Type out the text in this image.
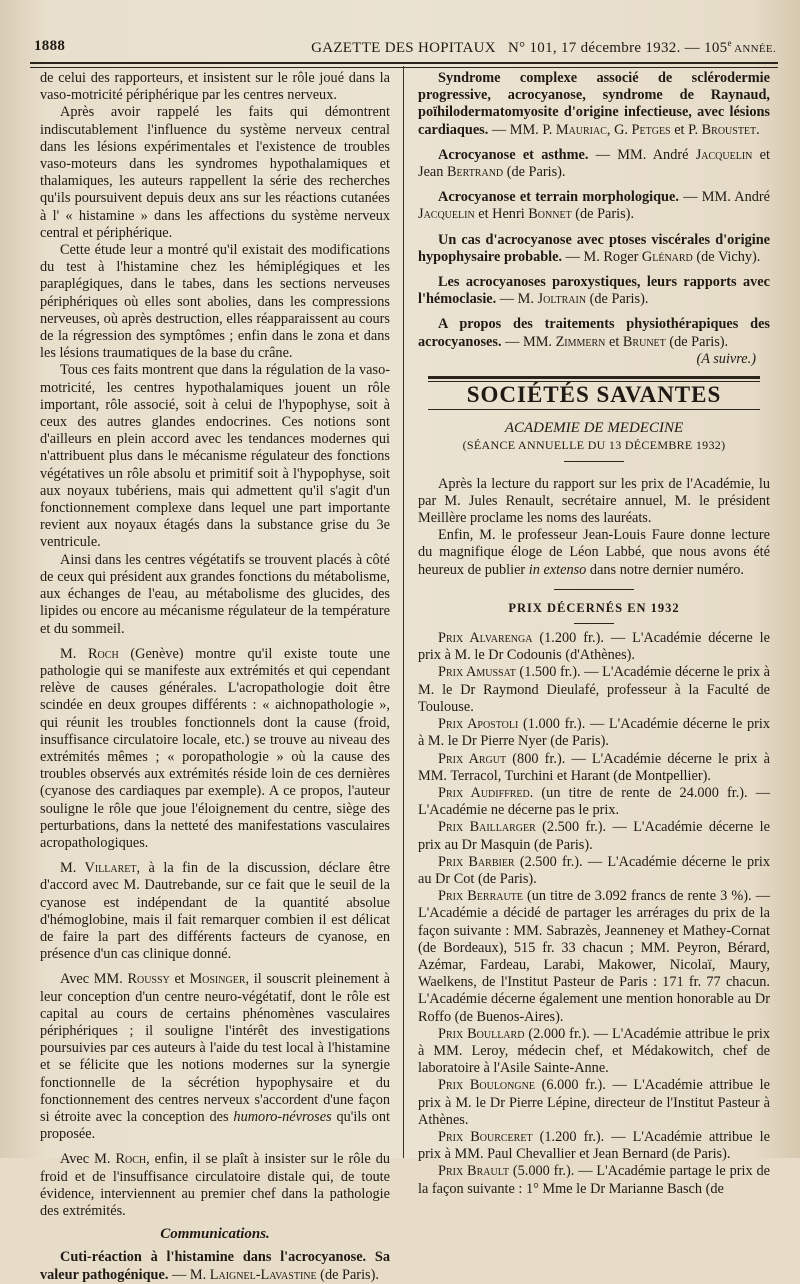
1888	GAZETTE DES HOPITAUX N° 101, 17 décembre 1932. — 105e ANNÉE.

de celui des rapporteurs, et insistent sur le rôle joué dans la vaso-motricité périphérique par les centres nerveux.

Après avoir rappelé les faits qui démontrent indiscutablement l'influence du système nerveux central dans les lésions expérimentales et l'existence de troubles vaso-moteurs dans les syndromes hypothalamiques et thalamiques, les auteurs rappellent la série des recherches qu'ils poursuivent depuis deux ans sur les réactions cutanées à l' « histamine » dans les affections du système nerveux central et périphérique.

Cette étude leur a montré qu'il existait des modifications du test à l'histamine chez les hémiplégiques et les paraplégiques, dans le tabes, dans les sections nerveuses périphériques où elles sont abolies, dans les compressions nerveuses, où après destruction, elles réapparaissent au cours de la régression des symptômes ; enfin dans le zona et dans les lésions traumatiques de la base du crâne.

Tous ces faits montrent que dans la régulation de la vaso-motricité, les centres hypothalamiques jouent un rôle important, rôle associé, soit à celui de l'hypophyse, soit à ceux des autres glandes endocrines. Ces notions sont d'ailleurs en plein accord avec les tendances modernes qui n'attribuent plus dans le mécanisme régulateur des fonctions végétatives un rôle absolu et primitif soit à l'hypophyse, soit aux noyaux tubériens, mais qui admettent qu'il s'agit d'un fonctionnement complexe dans lequel une part importante revient aux noyaux étagés dans la substance grise du 3e ventricule.

Ainsi dans les centres végétatifs se trouvent placés à côté de ceux qui président aux grandes fonctions du métabolisme, aux échanges de l'eau, au métabolisme des glucides, des lipides ou encore au mécanisme régulateur de la température et du sommeil.

M. Roch (Genève) montre qu'il existe toute une pathologie qui se manifeste aux extrémités et qui cependant relève de causes générales. L'acropathologie doit être scindée en deux groupes différents : « aichnopathologie », qui réunit les troubles fonctionnels dont la cause (froid, insuffisance circulatoire locale, etc.) se trouve au niveau des extrémités mêmes ; « poropathologie » où la cause des troubles observés aux extrémités réside loin de ces dernières (cyanose des cardiaques par exemple). A ce propos, l'auteur souligne le rôle que joue l'éloignement du centre, siège des perturbations, dans la netteté des manifestations vasculaires acropathologiques.

M. Villaret, à la fin de la discussion, déclare être d'accord avec M. Dautrebande, sur ce fait que le seuil de la cyanose est indépendant de la quantité absolue d'hémoglobine, mais il fait remarquer combien il est délicat de faire la part des différents facteurs de cyanose, en présence d'un cas clinique donné.

Avec MM. Roussy et Mosinger, il souscrit pleinement à leur conception d'un centre neuro-végétatif, dont le rôle est capital au cours de certains phénomènes vasculaires périphériques ; il souligne l'intérêt des investigations poursuivies par ces auteurs à l'aide du test local à l'histamine et se félicite que les notions modernes sur la synergie fonctionnelle de la sécrétion hypophysaire et du fonctionnement des centres nerveux s'accordent d'une façon si étroite avec la conception des humoro-névroses qu'ils ont proposée.

Avec M. Roch, enfin, il se plaît à insister sur le rôle du froid et de l'insuffisance circulatoire distale qui, de toute évidence, interviennent au premier chef dans la pathologie des extrémités.

Communications.

Cuti-réaction à l'histamine dans l'acrocyanose. Sa valeur pathogénique. — M. Laignel-Lavastine (de Paris).

Syndrome complexe associé de sclérodermie progressive, acrocyanose, syndrome de Raynaud, poïhilodermatomyosite d'origine infectieuse, avec lésions cardiaques. — MM. P. Mauriac, G. Petges et P. Broustet.

Acrocyanose et asthme. — MM. André Jacquelin et Jean Bertrand (de Paris).

Acrocyanose et terrain morphologique. — MM. André Jacquelin et Henri Bonnet (de Paris).

Un cas d'acrocyanose avec ptoses viscérales d'origine hypophysaire probable. — M. Roger Glénard (de Vichy).

Les acrocyanoses paroxystiques, leurs rapports avec l'hémoclasie. — M. Joltrain (de Paris).

A propos des traitements physiothérapiques des acrocyanoses. — MM. Zimmern et Brunet (de Paris).

(A suivre.)

SOCIÉTÉS SAVANTES

ACADEMIE DE MEDECINE

(SÉANCE ANNUELLE DU 13 DÉCEMBRE 1932)

Après la lecture du rapport sur les prix de l'Académie, lu par M. Jules Renault, secrétaire annuel, M. le président Meillère proclame les noms des lauréats.

Enfin, M. le professeur Jean-Louis Faure donne lecture du magnifique éloge de Léon Labbé, que nous avons été heureux de publier in extenso dans notre dernier numéro.

PRIX DÉCERNÉS EN 1932

Prix Alvarenga (1.200 fr.). — L'Académie décerne le prix à M. le Dr Codounis (d'Athènes).

Prix Amussat (1.500 fr.). — L'Académie décerne le prix à M. le Dr Raymond Dieulafé, professeur à la Faculté de Toulouse.

Prix Apostoli (1.000 fr.). — L'Académie décerne le prix à M. le Dr Pierre Nyer (de Paris).

Prix Argut (800 fr.). — L'Académie décerne le prix à MM. Terracol, Turchini et Harant (de Montpellier).

Prix Audiffred. (un titre de rente de 24.000 fr.). — L'Académie ne décerne pas le prix.

Prix Baillarger (2.500 fr.). — L'Académie décerne le prix au Dr Masquin (de Paris).

Prix Barbier (2.500 fr.). — L'Académie décerne le prix au Dr Cot (de Paris).

Prix Berraute (un titre de 3.092 francs de rente 3 %). — L'Académie a décidé de partager les arrérages du prix de la façon suivante : MM. Sabrazès, Jeanneney et Mathey-Cornat (de Bordeaux), 515 fr. 33 chacun ; MM. Peyron, Bérard, Azémar, Fardeau, Larabi, Makower, Nicolaï, Maury, Waelkens, de l'Institut Pasteur de Paris : 171 fr. 77 chacun. L'Académie décerne également une mention honorable au Dr Roffo (de Buenos-Aires).

Prix Boullard (2.000 fr.). — L'Académie attribue le prix à MM. Leroy, médecin chef, et Médakowitch, chef de laboratoire à l'Asile Sainte-Anne.

Prix Boulongne (6.000 fr.). — L'Académie attribue le prix à M. le Dr Pierre Lépine, directeur de l'Institut Pasteur à Athènes.

Prix Bourceret (1.200 fr.). — L'Académie attribue le prix à MM. Paul Chevallier et Jean Bernard (de Paris).

Prix Brault (5.000 fr.). — L'Académie partage le prix de la façon suivante : 1° Mme le Dr Marianne Basch (de
